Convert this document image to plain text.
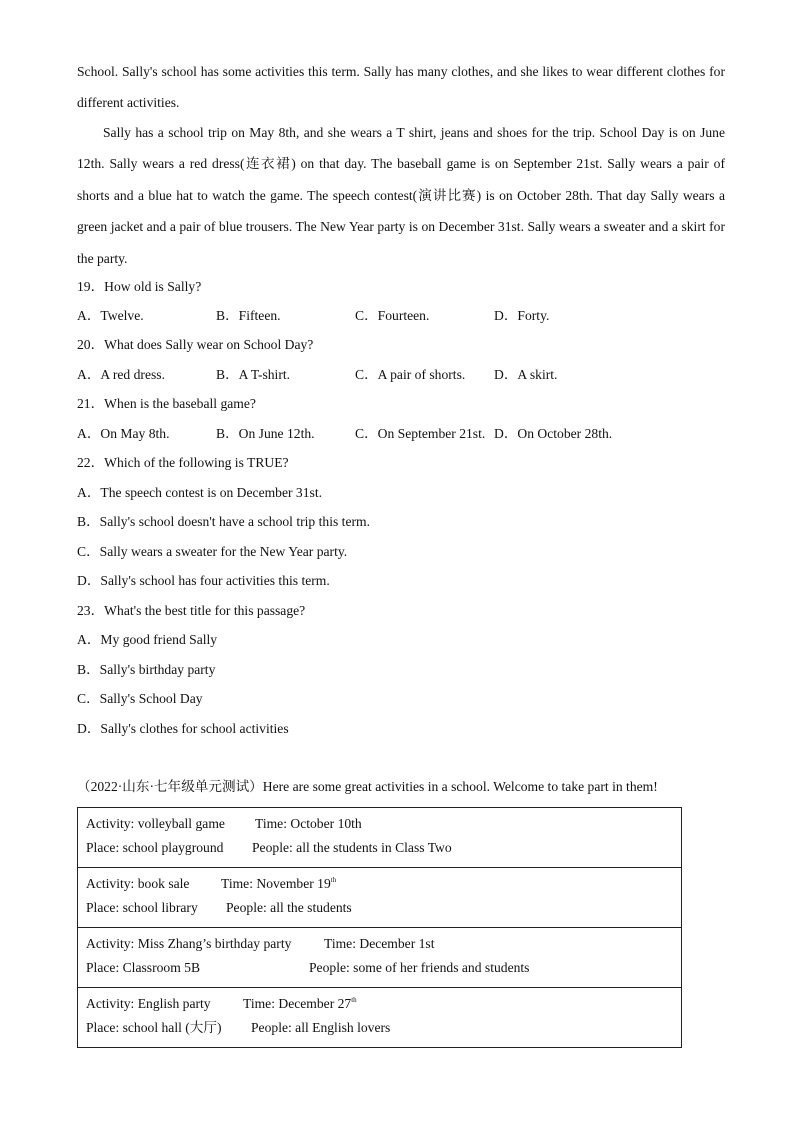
School. Sally's school has some activities this term. Sally has many clothes, and she likes to wear different clothes for different activities.
Sally has a school trip on May 8th, and she wears a T shirt, jeans and shoes for the trip. School Day is on June 12th. Sally wears a red dress(连衣裙) on that day. The baseball game is on September 21st. Sally wears a pair of shorts and a blue hat to watch the game. The speech contest(演讲比赛) is on October 28th. That day Sally wears a green jacket and a pair of blue trousers. The New Year party is on December 31st. Sally wears a sweater and a skirt for the party.
19．How old is Sally?
A．Twelve.	B．Fifteen.	C．Fourteen.	D．Forty.
20．What does Sally wear on School Day?
A．A red dress.	B．A T-shirt.	C．A pair of shorts. D．A skirt.
21．When is the baseball game?
A．On May 8th.	B．On June 12th.	C．On September 21st. D．On October 28th.
22．Which of the following is TRUE?
A．The speech contest is on December 31st.
B．Sally's school doesn't have a school trip this term.
C．Sally wears a sweater for the New Year party.
D．Sally's school has four activities this term.
23．What's the best title for this passage?
A．My good friend Sally
B．Sally's birthday party
C．Sally's School Day
D．Sally's clothes for school activities
（2022·山东·七年级单元测试）Here are some great activities in a school. Welcome to take part in them!
Activity: volleyball game Time: October 10th
Place: school playground People: all the students in Class Two

Activity: book sale Time: November 19th
Place: school library People: all the students

Activity: Miss Zhang’s birthday party Time: December 1st
Place: Classroom 5B	People: some of her friends and students

Activity: English party Time: December 27th
Place: school hall (大厅) People: all English lovers
